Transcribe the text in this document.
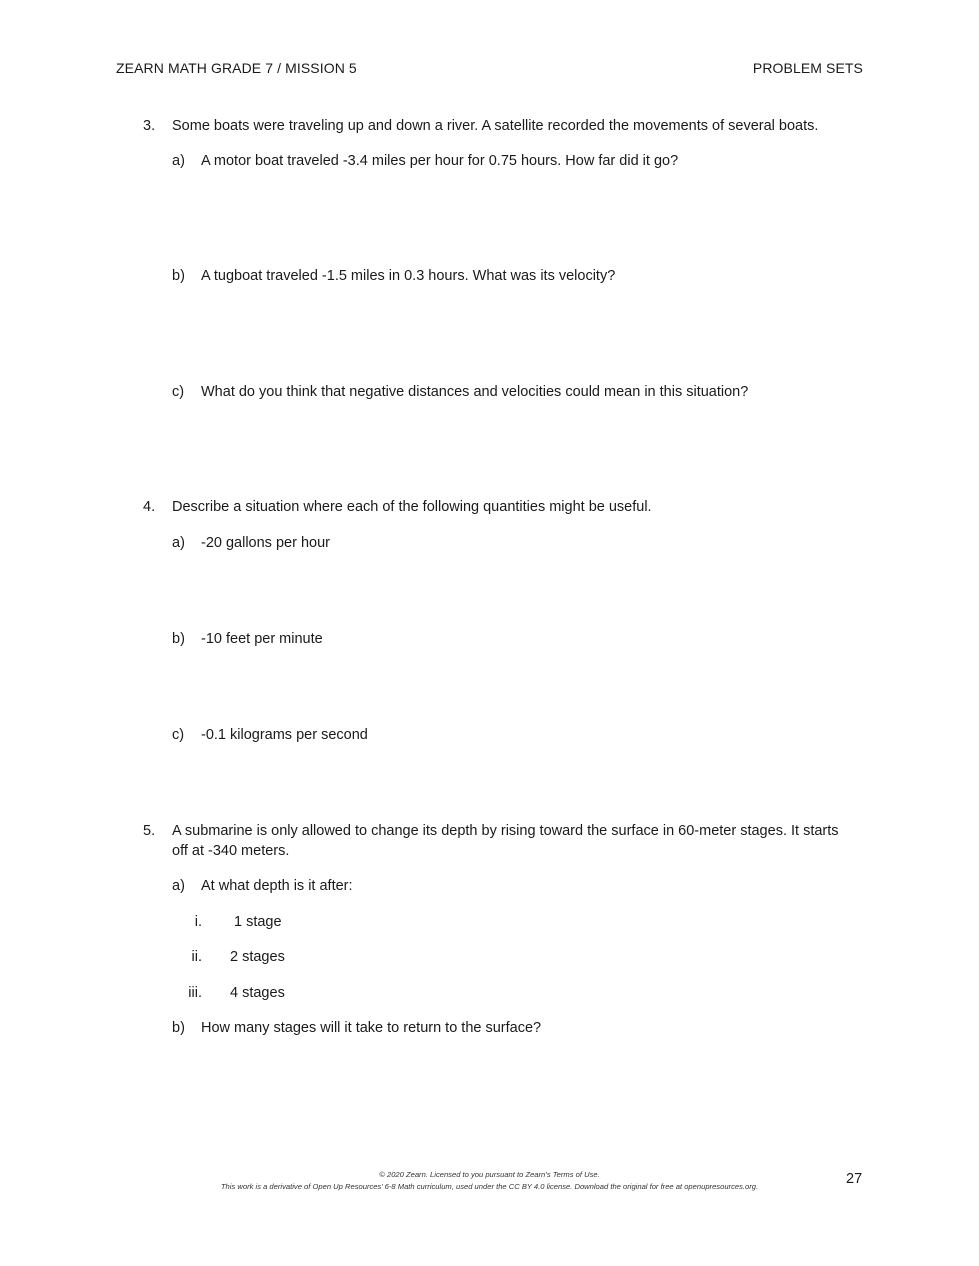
ZEARN MATH GRADE 7 / MISSION 5	PROBLEM SETS
3. Some boats were traveling up and down a river. A satellite recorded the movements of several boats.
a) A motor boat traveled -3.4 miles per hour for 0.75 hours. How far did it go?
b) A tugboat traveled -1.5 miles in 0.3 hours. What was its velocity?
c) What do you think that negative distances and velocities could mean in this situation?
4. Describe a situation where each of the following quantities might be useful.
a) -20 gallons per hour
b) -10 feet per minute
c) -0.1 kilograms per second
5. A submarine is only allowed to change its depth by rising toward the surface in 60-meter stages. It starts
off at -340 meters.
a) At what depth is it after:
i. 1 stage
ii. 2 stages
iii. 4 stages
b) How many stages will it take to return to the surface?
© 2020 Zearn. Licensed to you pursuant to Zearn’s Terms of Use.
This work is a derivative of Open Up Resources’ 6-8 Math curriculum, used under the CC BY 4.0 license. Download the original for free at openupresources.org.	27
